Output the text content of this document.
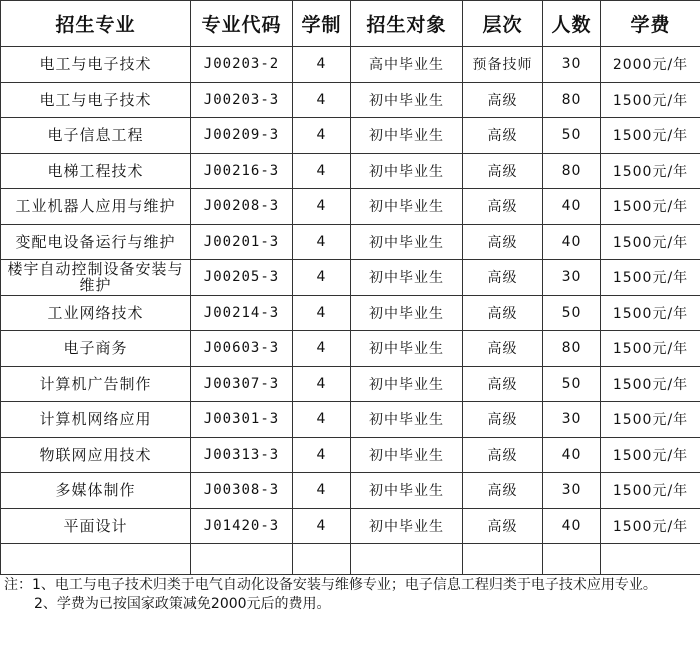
招生专业	专业代码	学制	招生对象	层次	人数	学费
电工与电子技术	J00203-2	4	高中毕业生	预备技师	30	2000元/年
电工与电子技术	J00203-3	4	初中毕业生	高级	80	1500元/年
电子信息工程	J00209-3	4	初中毕业生	高级	50	1500元/年
电梯工程技术	J00216-3	4	初中毕业生	高级	80	1500元/年
工业机器人应用与维护	J00208-3	4	初中毕业生	高级	40	1500元/年
变配电设备运行与维护	J00201-3	4	初中毕业生	高级	40	1500元/年
楼宇自动控制设备安装与维护	J00205-3	4	初中毕业生	高级	30	1500元/年
工业网络技术	J00214-3	4	初中毕业生	高级	50	1500元/年
电子商务	J00603-3	4	初中毕业生	高级	80	1500元/年
计算机广告制作	J00307-3	4	初中毕业生	高级	50	1500元/年
计算机网络应用	J00301-3	4	初中毕业生	高级	30	1500元/年
物联网应用技术	J00313-3	4	初中毕业生	高级	40	1500元/年
多媒体制作	J00308-3	4	初中毕业生	高级	30	1500元/年
平面设计	J01420-3	4	初中毕业生	高级	40	1500元/年

注：1、电工与电子技术归类于电气自动化设备安装与维修专业；电子信息工程归类于电子技术应用专业。
2、学费为已按国家政策减免2000元后的费用。
